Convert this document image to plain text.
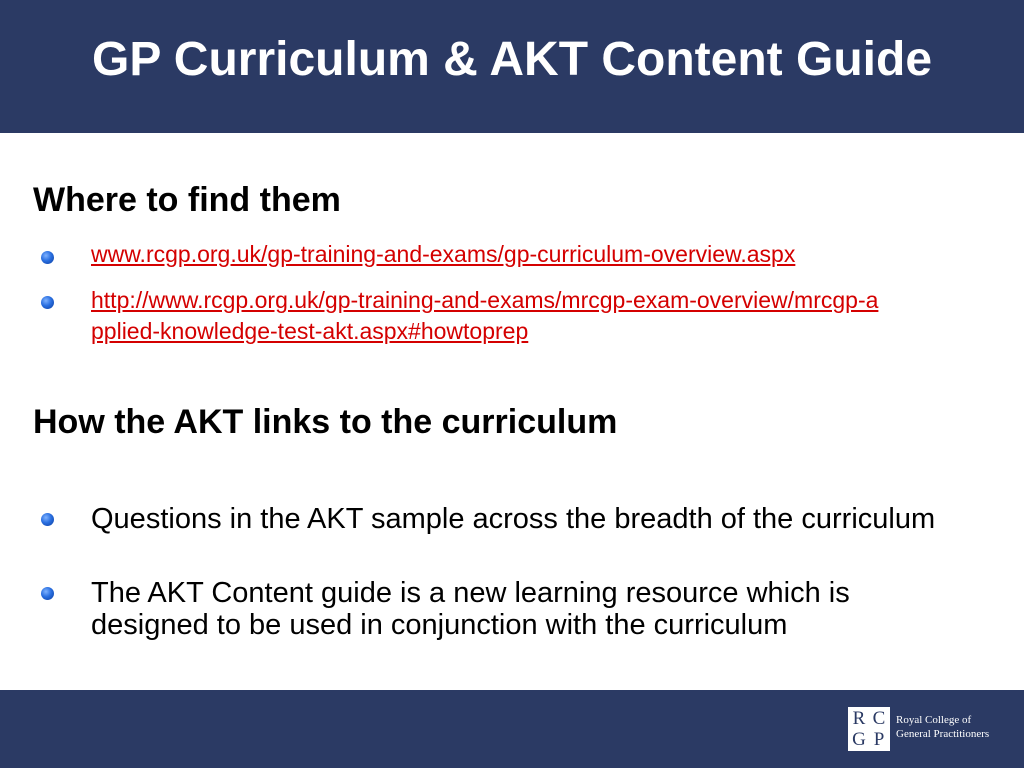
GP Curriculum & AKT Content Guide
Where to find them
www.rcgp.org.uk/gp-training-and-exams/gp-curriculum-overview.aspx
http://www.rcgp.org.uk/gp-training-and-exams/mrcgp-exam-overview/mrcgp-applied-knowledge-test-akt.aspx#howtoprep
How the AKT links to the curriculum
Questions in the AKT sample across the breadth of the curriculum
The AKT Content guide is a new learning resource which is designed to be used in conjunction with the curriculum
R C
G P
Royal College of
General Practitioners
